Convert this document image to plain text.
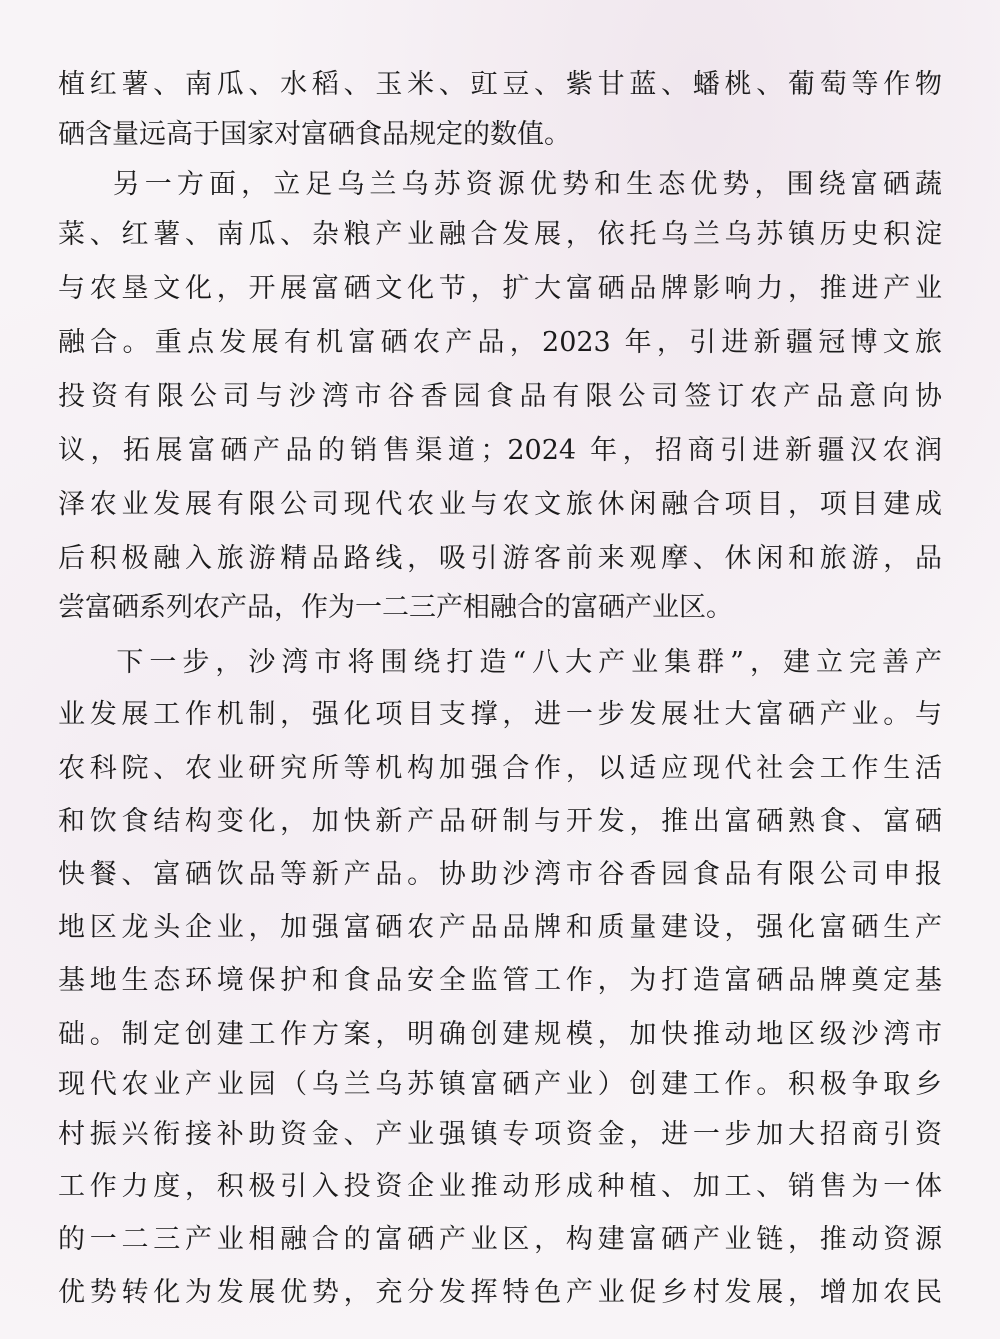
植红薯、南瓜、水稻、玉米、豇豆、紫甘蓝、蟠桃、葡萄等作物
硒含量远高于国家对富硒食品规定的数值。
另一方面，立足乌兰乌苏资源优势和生态优势，围绕富硒蔬
菜、红薯、南瓜、杂粮产业融合发展，依托乌兰乌苏镇历史积淀
与农垦文化，开展富硒文化节，扩大富硒品牌影响力，推进产业
融合。重点发展有机富硒农产品，2023 年，引进新疆冠博文旅
投资有限公司与沙湾市谷香园食品有限公司签订农产品意向协
议，拓展富硒产品的销售渠道；2024 年，招商引进新疆汉农润
泽农业发展有限公司现代农业与农文旅休闲融合项目，项目建成
后积极融入旅游精品路线，吸引游客前来观摩、休闲和旅游，品
尝富硒系列农产品，作为一二三产相融合的富硒产业区。
下一步，沙湾市将围绕打造“八大产业集群”，建立完善产
业发展工作机制，强化项目支撑，进一步发展壮大富硒产业。与
农科院、农业研究所等机构加强合作，以适应现代社会工作生活
和饮食结构变化，加快新产品研制与开发，推出富硒熟食、富硒
快餐、富硒饮品等新产品。协助沙湾市谷香园食品有限公司申报
地区龙头企业，加强富硒农产品品牌和质量建设，强化富硒生产
基地生态环境保护和食品安全监管工作，为打造富硒品牌奠定基
础。制定创建工作方案，明确创建规模，加快推动地区级沙湾市
现代农业产业园（乌兰乌苏镇富硒产业）创建工作。积极争取乡
村振兴衔接补助资金、产业强镇专项资金，进一步加大招商引资
工作力度，积极引入投资企业推动形成种植、加工、销售为一体
的一二三产业相融合的富硒产业区，构建富硒产业链，推动资源
优势转化为发展优势，充分发挥特色产业促乡村发展，增加农民
